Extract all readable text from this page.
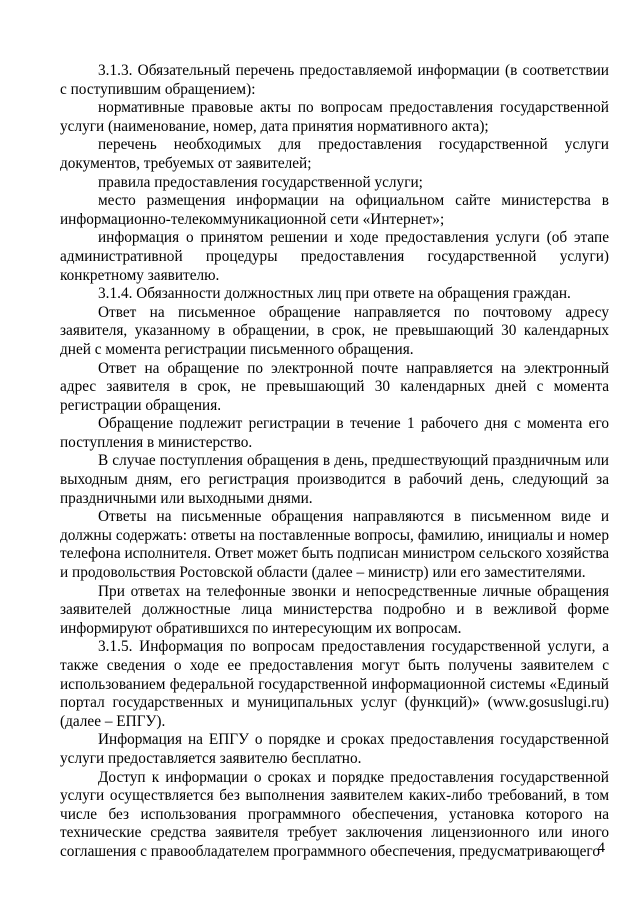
3.1.3. Обязательный перечень предоставляемой информации (в соответствии с поступившим обращением):

нормативные правовые акты по вопросам предоставления государственной услуги (наименование, номер, дата принятия нормативного акта);

перечень необходимых для предоставления государственной услуги документов, требуемых от заявителей;

правила предоставления государственной услуги;

место размещения информации на официальном сайте министерства в информационно-телекоммуникационной сети «Интернет»;

информация о принятом решении и ходе предоставления услуги (об этапе административной процедуры предоставления государственной услуги) конкретному заявителю.

3.1.4. Обязанности должностных лиц при ответе на обращения граждан.

Ответ на письменное обращение направляется по почтовому адресу заявителя, указанному в обращении, в срок, не превышающий 30 календарных дней с момента регистрации письменного обращения.

Ответ на обращение по электронной почте направляется на электронный адрес заявителя в срок, не превышающий 30 календарных дней с момента регистрации обращения.

Обращение подлежит регистрации в течение 1 рабочего дня с момента его поступления в министерство.

В случае поступления обращения в день, предшествующий праздничным или выходным дням, его регистрация производится в рабочий день, следующий за праздничными или выходными днями.

Ответы на письменные обращения направляются в письменном виде и должны содержать: ответы на поставленные вопросы, фамилию, инициалы и номер телефона исполнителя. Ответ может быть подписан министром сельского хозяйства и продовольствия Ростовской области (далее – министр) или его заместителями.

При ответах на телефонные звонки и непосредственные личные обращения заявителей должностные лица министерства подробно и в вежливой форме информируют обратившихся по интересующим их вопросам.

3.1.5. Информация по вопросам предоставления государственной услуги, а также сведения о ходе ее предоставления могут быть получены заявителем с использованием федеральной государственной информационной системы «Единый портал государственных и муниципальных услуг (функций)» (www.gosuslugi.ru) (далее – ЕПГУ).

Информация на ЕПГУ о порядке и сроках предоставления государственной услуги предоставляется заявителю бесплатно.

Доступ к информации о сроках и порядке предоставления государственной услуги осуществляется без выполнения заявителем каких-либо требований, в том числе без использования программного обеспечения, установка которого на технические средства заявителя требует заключения лицензионного или иного соглашения с правообладателем программного обеспечения, предусматривающего

4
